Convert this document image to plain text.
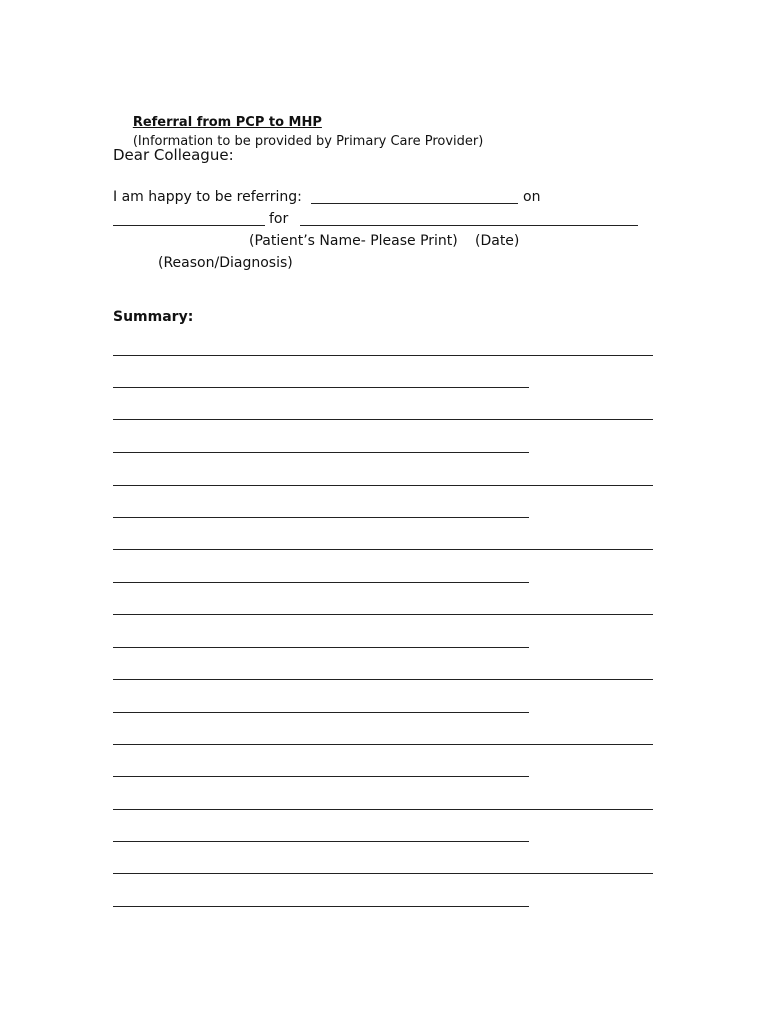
Referral from PCP to MHP
(Information to be provided by Primary Care Provider)

Dear Colleague:
I am happy to be referring:	on
for
(Patient’s Name- Please Print) (Date)
(Reason/Diagnosis)
Summary:
